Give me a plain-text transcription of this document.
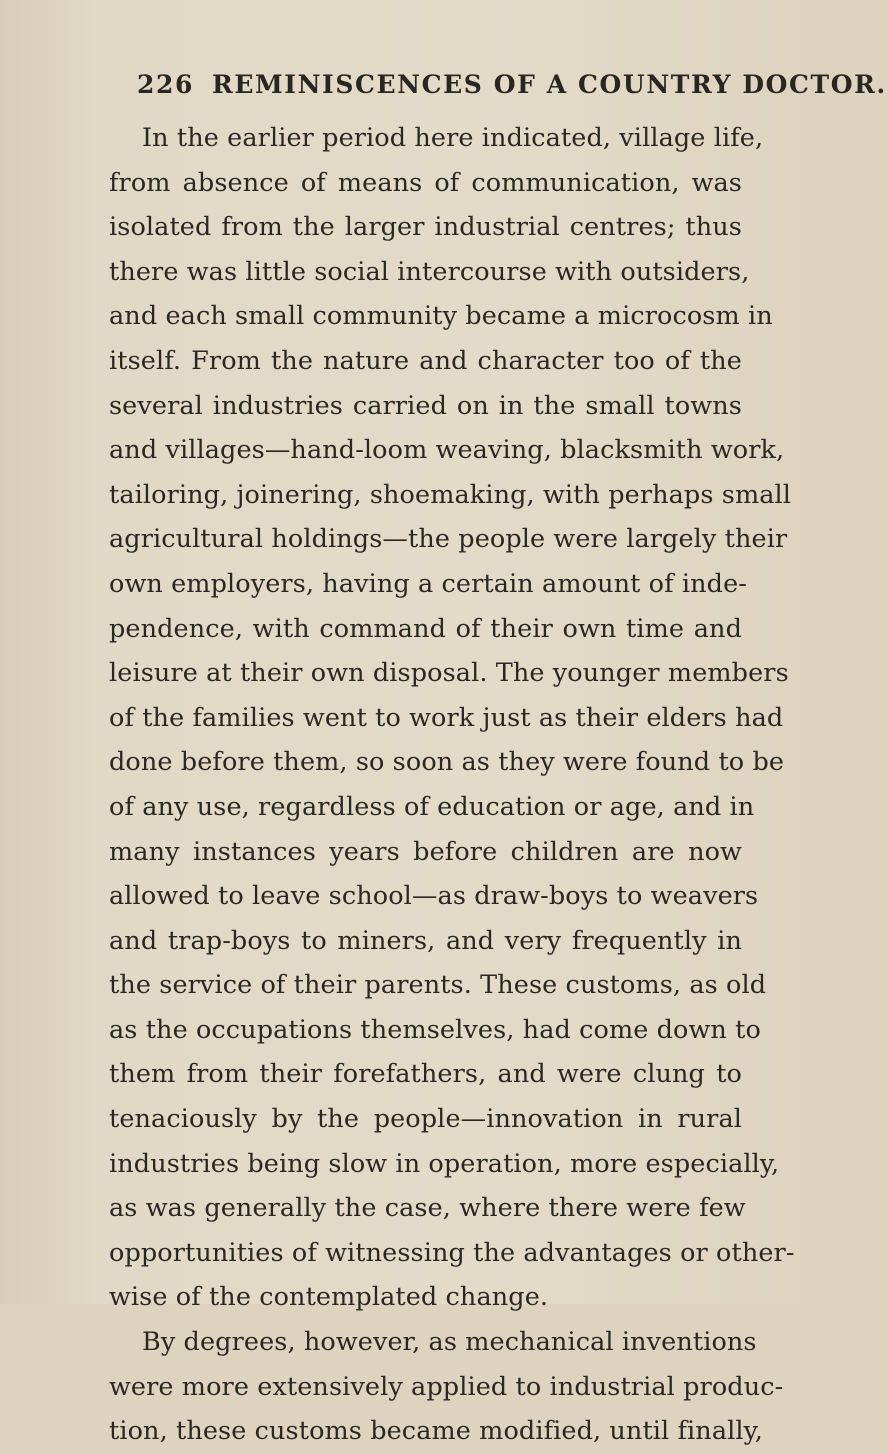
226 REMINISCENCES OF A COUNTRY DOCTOR.
In the earlier period here indicated, village life,
from absence of means of communication, was
isolated from the larger industrial centres; thus
there was little social intercourse with outsiders,
and each small community became a microcosm in
itself. From the nature and character too of the
several industries carried on in the small towns
and villages—hand-loom weaving, blacksmith work,
tailoring, joinering, shoemaking, with perhaps small
agricultural holdings—the people were largely their
own employers, having a certain amount of inde-
pendence, with command of their own time and
leisure at their own disposal. The younger members
of the families went to work just as their elders had
done before them, so soon as they were found to be
of any use, regardless of education or age, and in
many instances years before children are now
allowed to leave school—as draw-boys to weavers
and trap-boys to miners, and very frequently in
the service of their parents. These customs, as old
as the occupations themselves, had come down to
them from their forefathers, and were clung to
tenaciously by the people—innovation in rural
industries being slow in operation, more especially,
as was generally the case, where there were few
opportunities of witnessing the advantages or other-
wise of the contemplated change.
By degrees, however, as mechanical inventions
were more extensively applied to industrial produc-
tion, these customs became modified, until finally,
